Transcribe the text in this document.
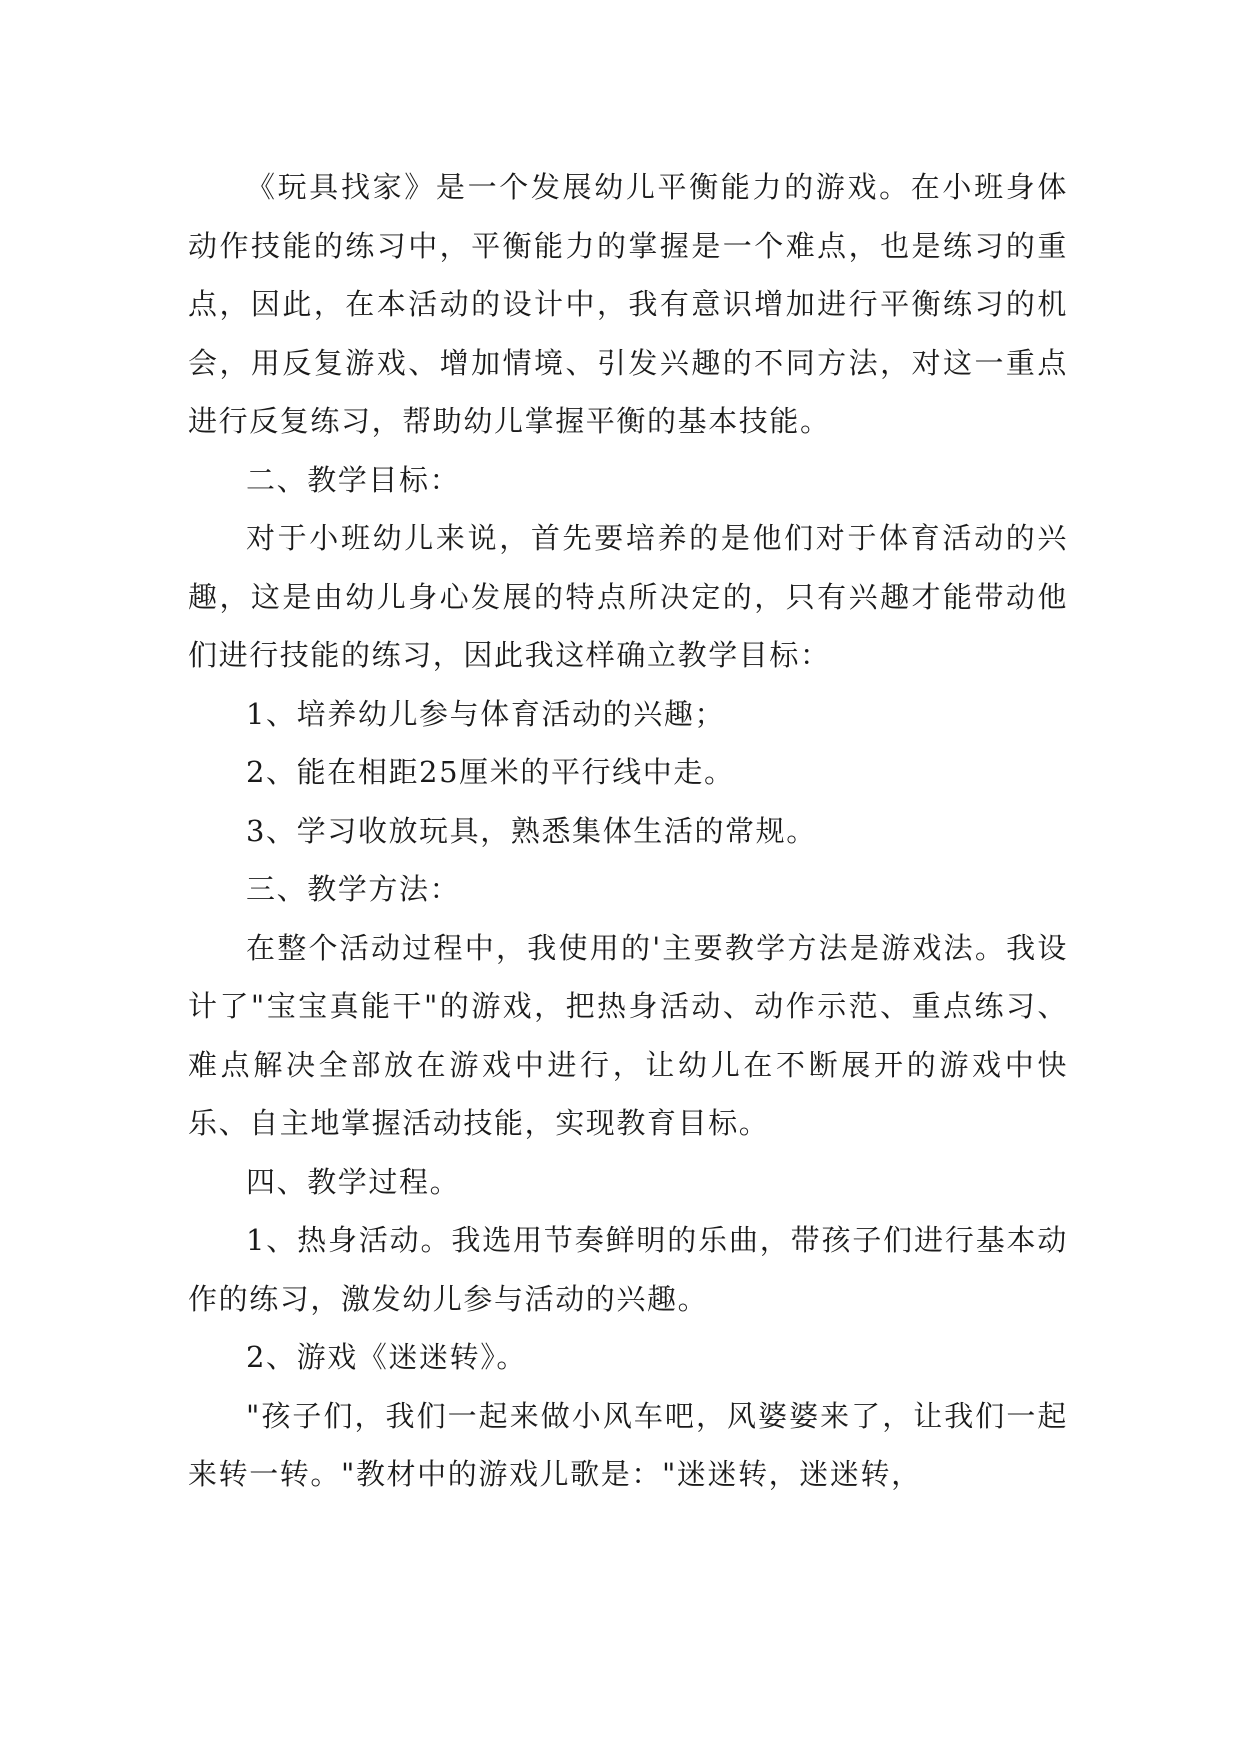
《玩具找家》是一个发展幼儿平衡能力的游戏。在小班身体动作技能的练习中，平衡能力的掌握是一个难点，也是练习的重点，因此，在本活动的设计中，我有意识增加进行平衡练习的机会，用反复游戏、增加情境、引发兴趣的不同方法，对这一重点进行反复练习，帮助幼儿掌握平衡的基本技能。

二、教学目标：

对于小班幼儿来说，首先要培养的是他们对于体育活动的兴趣，这是由幼儿身心发展的特点所决定的，只有兴趣才能带动他们进行技能的练习，因此我这样确立教学目标：

1、培养幼儿参与体育活动的兴趣；

2、能在相距25厘米的平行线中走。

3、学习收放玩具，熟悉集体生活的常规。

三、教学方法：

在整个活动过程中，我使用的'主要教学方法是游戏法。我设计了"宝宝真能干"的游戏，把热身活动、动作示范、重点练习、难点解决全部放在游戏中进行，让幼儿在不断展开的游戏中快乐、自主地掌握活动技能，实现教育目标。

四、教学过程。

1、热身活动。我选用节奏鲜明的乐曲，带孩子们进行基本动作的练习，激发幼儿参与活动的兴趣。

2、游戏《迷迷转》。

"孩子们，我们一起来做小风车吧，风婆婆来了，让我们一起来转一转。"教材中的游戏儿歌是："迷迷转，迷迷转，
